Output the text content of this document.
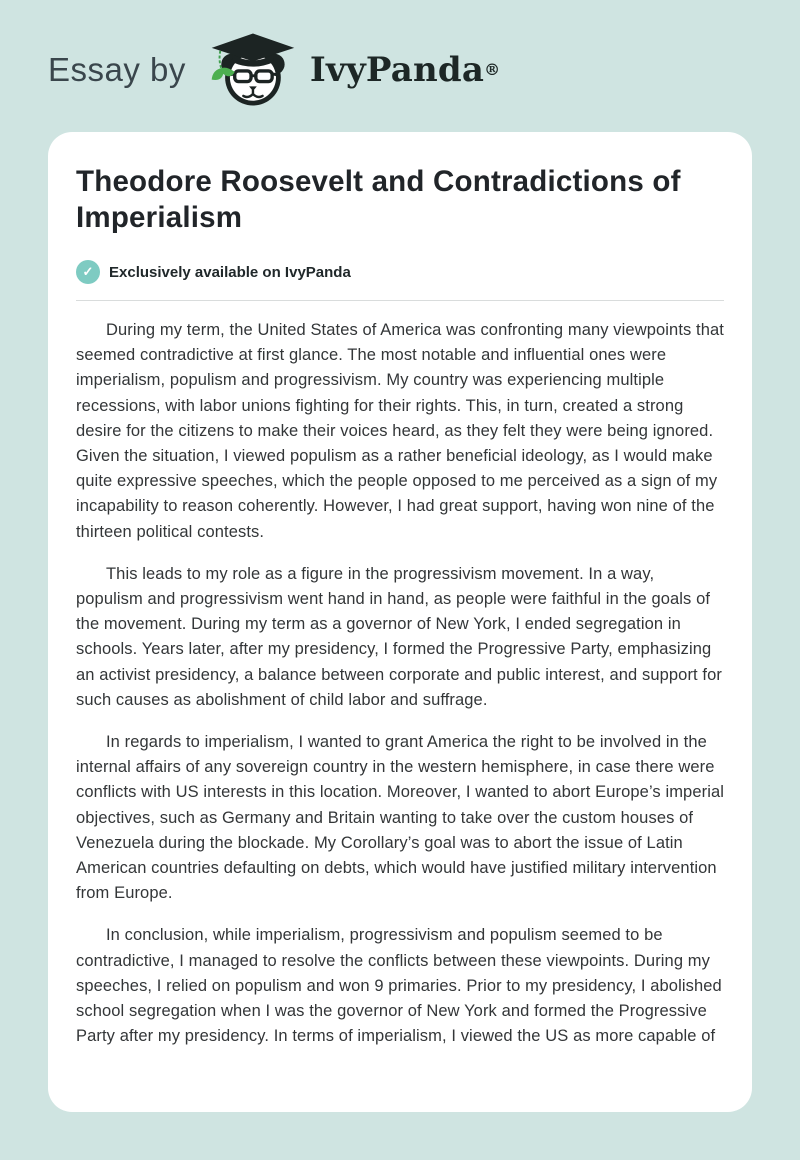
Essay by	IvyPanda ®
Theodore Roosevelt and Contradictions of Imperialism
✓	Exclusively available on IvyPanda

During my term, the United States of America was confronting many viewpoints that seemed contradictive at first glance. The most notable and influential ones were imperialism, populism and progressivism. My country was experiencing multiple recessions, with labor unions fighting for their rights. This, in turn, created a strong desire for the citizens to make their voices heard, as they felt they were being ignored. Given the situation, I viewed populism as a rather beneficial ideology, as I would make quite expressive speeches, which the people opposed to me perceived as a sign of my incapability to reason coherently. However, I had great support, having won nine of the thirteen political contests.

This leads to my role as a figure in the progressivism movement. In a way, populism and progressivism went hand in hand, as people were faithful in the goals of the movement. During my term as a governor of New York, I ended segregation in schools. Years later, after my presidency, I formed the Progressive Party, emphasizing an activist presidency, a balance between corporate and public interest, and support for such causes as abolishment of child labor and suffrage.

In regards to imperialism, I wanted to grant America the right to be involved in the internal affairs of any sovereign country in the western hemisphere, in case there were conflicts with US interests in this location. Moreover, I wanted to abort Europe’s imperial objectives, such as Germany and Britain wanting to take over the custom houses of Venezuela during the blockade. My Corollary’s goal was to abort the issue of Latin American countries defaulting on debts, which would have justified military intervention from Europe.

In conclusion, while imperialism, progressivism and populism seemed to be contradictive, I managed to resolve the conflicts between these viewpoints. During my speeches, I relied on populism and won 9 primaries. Prior to my presidency, I abolished school segregation when I was the governor of New York and formed the Progressive Party after my presidency. In terms of imperialism, I viewed the US as more capable of
